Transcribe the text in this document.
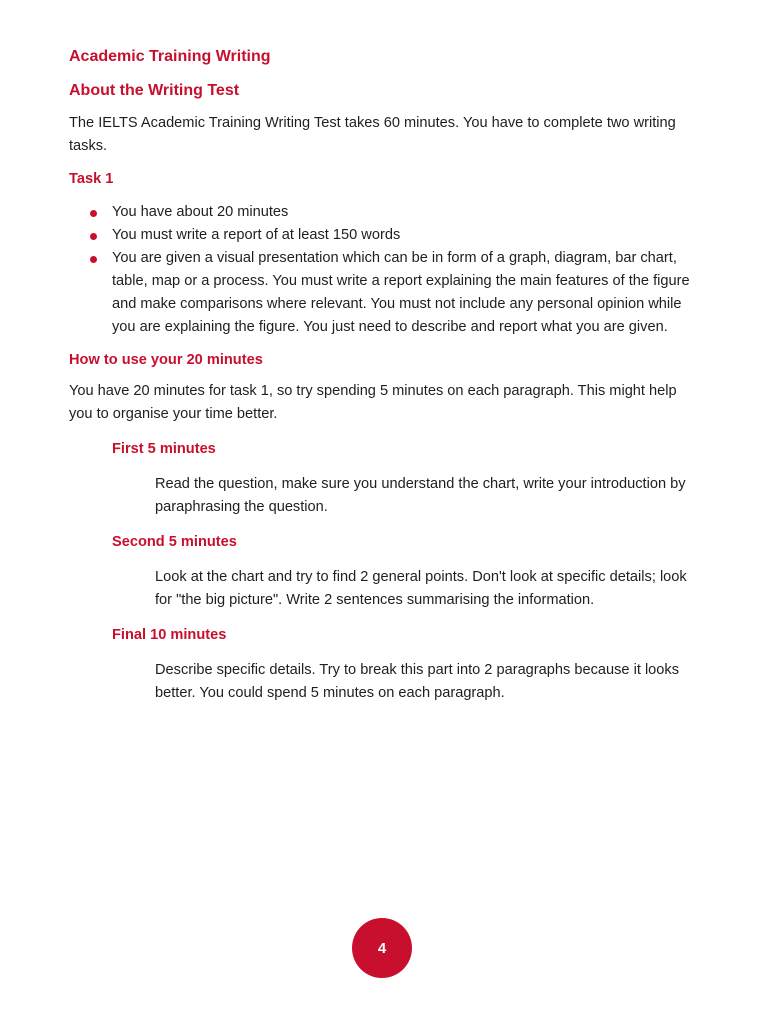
Academic Training Writing
About the Writing Test

The IELTS Academic Training Writing Test takes 60 minutes. You have to complete two writing tasks.

Task 1
You have about 20 minutes
You must write a report of at least 150 words
You are given a visual presentation which can be in form of a graph, diagram, bar chart, table, map or a process. You must write a report explaining the main features of the figure and make comparisons where relevant. You must not include any personal opinion while you are explaining the figure. You just need to describe and report what you are given.
How to use your 20 minutes

You have 20 minutes for task 1, so try spending 5 minutes on each paragraph. This might help you to organise your time better.

First 5 minutes
Read the question, make sure you understand the chart, write your introduction by paraphrasing the question.
Second 5 minutes
Look at the chart and try to find 2 general points. Don't look at specific details; look for "the big picture". Write 2 sentences summarising the information.
Final 10 minutes
Describe specific details. Try to break this part into 2 paragraphs because it looks better. You could spend 5 minutes on each paragraph.
4
